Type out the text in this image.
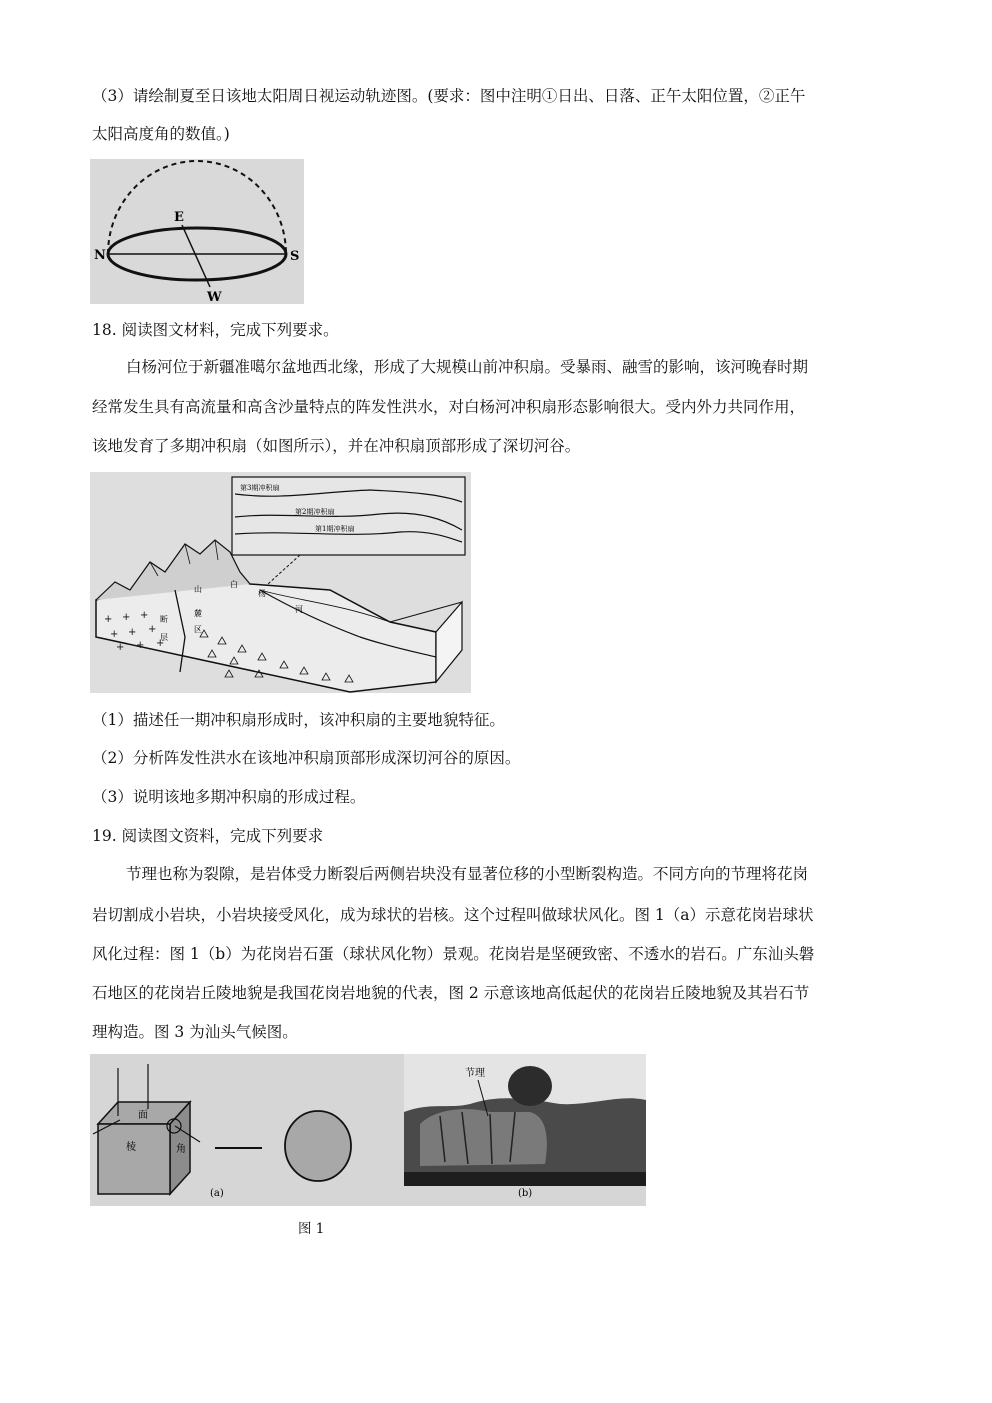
（3）请绘制夏至日该地太阳周日视运动轨迹图。(要求：图中注明①日出、日落、正午太阳位置，②正午
太阳高度角的数值。)
N	S
E
W
18. 阅读图文材料，完成下列要求。
白杨河位于新疆准噶尔盆地西北缘，形成了大规模山前冲积扇。受暴雨、融雪的影响，该河晚春时期
经常发生具有高流量和高含沙量特点的阵发性洪水，对白杨河冲积扇形态影响很大。受内外力共同作用，
该地发育了多期冲积扇（如图所示），并在冲积扇顶部形成了深切河谷。
第3期冲积扇
第2期冲积扇
第1期冲积扇
+ + +
+ + +
+ + +
断
层
山
麓
区
白
杨
河
（1）描述任一期冲积扇形成时，该冲积扇的主要地貌特征。
（2）分析阵发性洪水在该地冲积扇顶部形成深切河谷的原因。
（3）说明该地多期冲积扇的形成过程。
19. 阅读图文资料，完成下列要求
节理也称为裂隙，是岩体受力断裂后两侧岩块没有显著位移的小型断裂构造。不同方向的节理将花岗
岩切割成小岩块，小岩块接受风化，成为球状的岩核。这个过程叫做球状风化。图 1（a）示意花岗岩球状
风化过程：图 1（b）为花岗岩石蛋（球状风化物）景观。花岗岩是坚硬致密、不透水的岩石。广东汕头磐
石地区的花岗岩丘陵地貌是我国花岗岩地貌的代表，图 2 示意该地高低起伏的花岗岩丘陵地貌及其岩石节
理构造。图 3 为汕头气候图。
面
棱	角
(a)
节理
(b)
图 1
